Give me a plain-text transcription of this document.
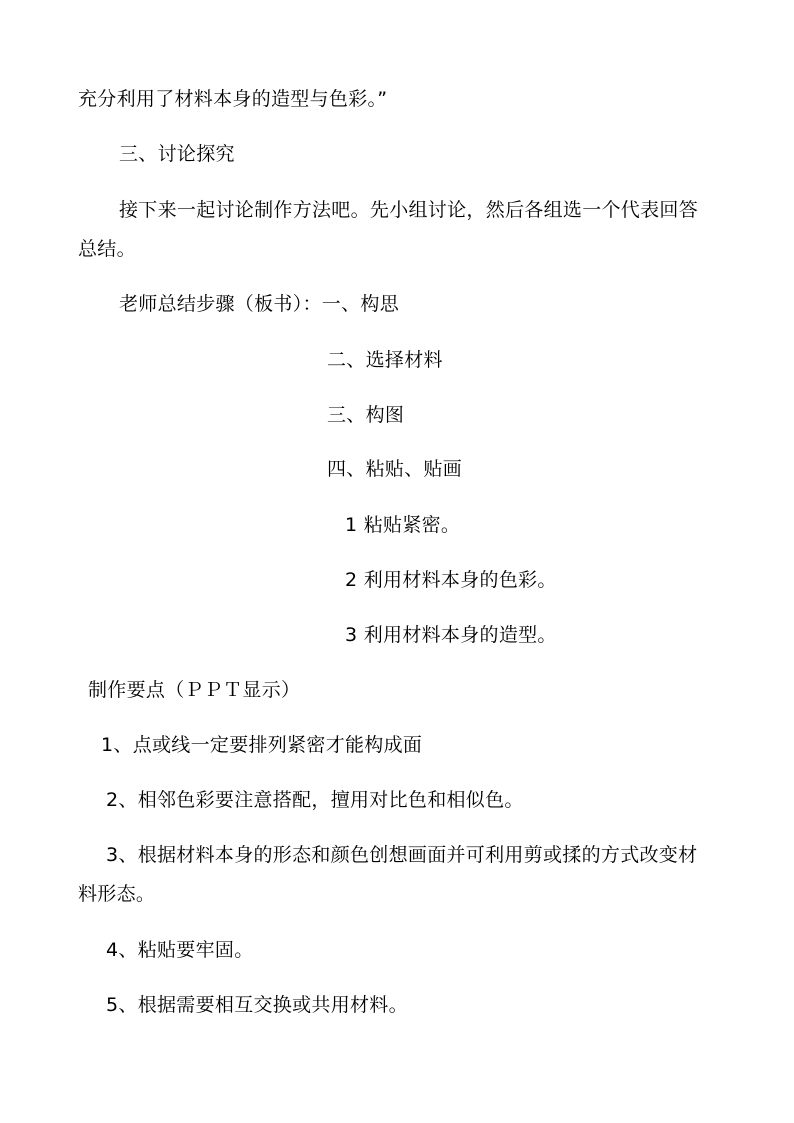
充分利用了材料本身的造型与色彩。”
三、讨论探究
接下来一起讨论制作方法吧。先小组讨论，然后各组选一个代表回答
总结。
老师总结步骤（板书）：一、构思
二、选择材料
三、构图
四、粘贴、贴画
1 粘贴紧密。
2 利用材料本身的色彩。
3 利用材料本身的造型。
制作要点（ＰＰＴ显示）
1、点或线一定要排列紧密才能构成面
2、相邻色彩要注意搭配，擅用对比色和相似色。
3、根据材料本身的形态和颜色创想画面并可利用剪或揉的方式改变材
料形态。
4、粘贴要牢固。
5、根据需要相互交换或共用材料。
